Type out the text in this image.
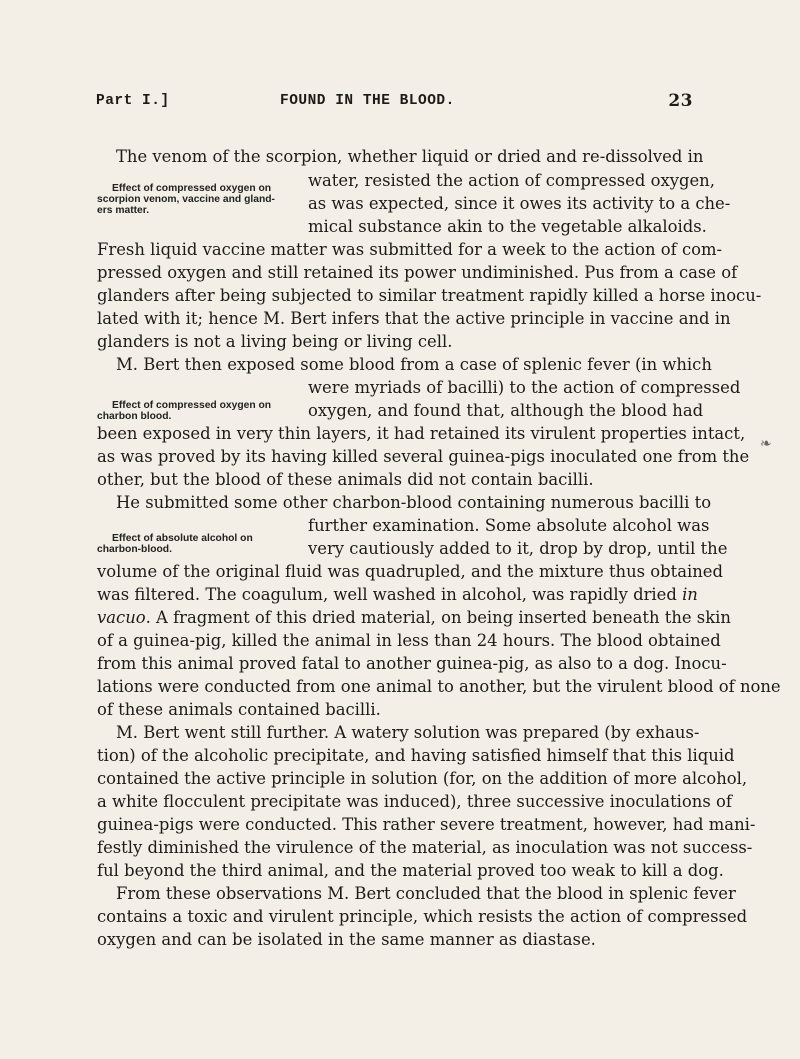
Part I.]	FOUND IN THE BLOOD.	23
Effect of compressed oxygen on
scorpion venom, vaccine and gland-
ers matter.
Effect of compressed oxygen on
charbon blood.
Effect of absolute alcohol on
charbon-blood.
❧
The venom of the scorpion, whether liquid or dried and re-dissolved in
water, resisted the action of compressed oxygen,
as was expected, since it owes its activity to a che-
mical substance akin to the vegetable alkaloids.
Fresh liquid vaccine matter was submitted for a week to the action of com-
pressed oxygen and still retained its power undiminished. Pus from a case of
glanders after being subjected to similar treatment rapidly killed a horse inocu-
lated with it; hence M. Bert infers that the active principle in vaccine and in
glanders is not a living being or living cell.
M. Bert then exposed some blood from a case of splenic fever (in which
were myriads of bacilli) to the action of compressed
oxygen, and found that, although the blood had
been exposed in very thin layers, it had retained its virulent properties intact,
as was proved by its having killed several guinea-pigs inoculated one from the
other, but the blood of these animals did not contain bacilli.
He submitted some other charbon-blood containing numerous bacilli to
further examination. Some absolute alcohol was
very cautiously added to it, drop by drop, until the
volume of the original fluid was quadrupled, and the mixture thus obtained
was filtered. The coagulum, well washed in alcohol, was rapidly dried in
vacuo. A fragment of this dried material, on being inserted beneath the skin
of a guinea-pig, killed the animal in less than 24 hours. The blood obtained
from this animal proved fatal to another guinea-pig, as also to a dog. Inocu-
lations were conducted from one animal to another, but the virulent blood of none
of these animals contained bacilli.
M. Bert went still further. A watery solution was prepared (by exhaus-
tion) of the alcoholic precipitate, and having satisfied himself that this liquid
contained the active principle in solution (for, on the addition of more alcohol,
a white flocculent precipitate was induced), three successive inoculations of
guinea-pigs were conducted. This rather severe treatment, however, had mani-
festly diminished the virulence of the material, as inoculation was not success-
ful beyond the third animal, and the material proved too weak to kill a dog.
From these observations M. Bert concluded that the blood in splenic fever
contains a toxic and virulent principle, which resists the action of compressed
oxygen and can be isolated in the same manner as diastase.
